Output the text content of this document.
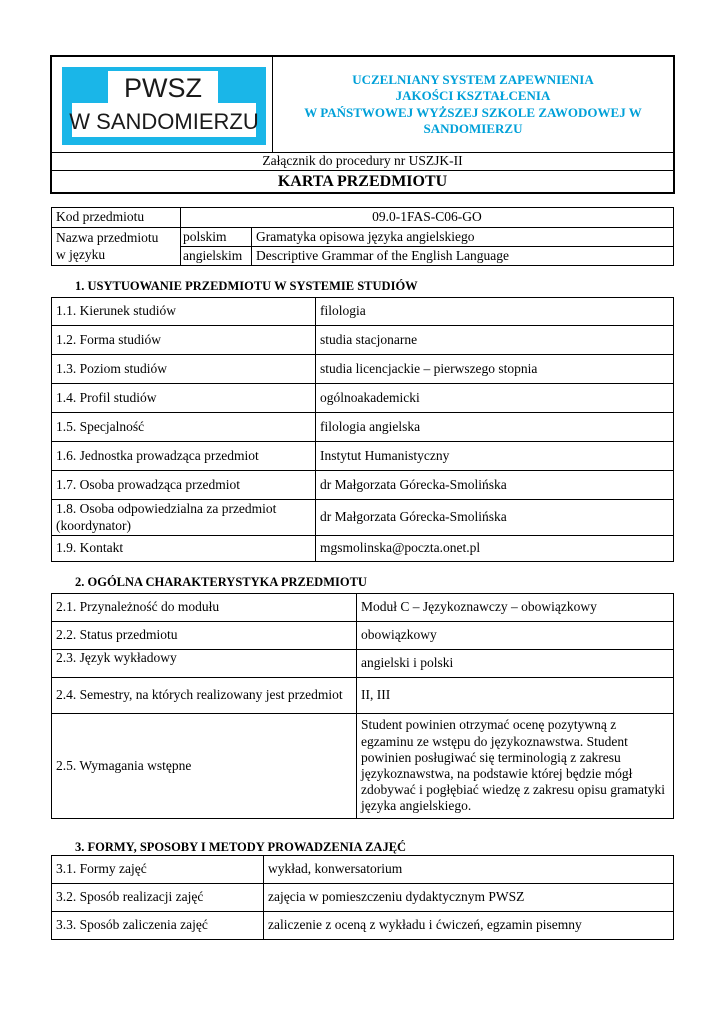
PWSZ
W SANDOMIERZU

UCZELNIANY SYSTEM ZAPEWNIENIA
JAKOŚCI KSZTAŁCENIA
W PAŃSTWOWEJ WYŻSZEJ SZKOLE ZAWODOWEJ W
SANDOMIERZU

Załącznik do procedury nr USZJK-II
KARTA PRZEDMIOTU
Kod przedmiotu	09.0-1FAS-C06-GO	

Nazwa przedmiotu
w języku	polskim	Gramatyka opisowa języka angielskiego
	angielskim	Descriptive Grammar of the English Language
1. USYTUOWANIE PRZEDMIOTU W SYSTEMIE STUDIÓW
1.1. Kierunek studiów	filologia
1.2. Forma studiów	studia stacjonarne
1.3. Poziom studiów	studia licencjackie – pierwszego stopnia
1.4. Profil studiów	ogólnoakademicki
1.5. Specjalność	filologia angielska
1.6. Jednostka prowadząca przedmiot	Instytut Humanistyczny
1.7. Osoba prowadząca przedmiot	dr Małgorzata Górecka-Smolińska
1.8. Osoba odpowiedzialna za przedmiot (koordynator)	dr Małgorzata Górecka-Smolińska
1.9. Kontakt	mgsmolinska@poczta.onet.pl
2. OGÓLNA CHARAKTERYSTYKA PRZEDMIOTU
2.1. Przynależność do modułu	Moduł C – Językoznawczy – obowiązkowy
2.2. Status przedmiotu	obowiązkowy
2.3. Język wykładowy	angielski i polski
2.4. Semestry, na których realizowany jest przedmiot	II, III
2.5. Wymagania wstępne	Student powinien otrzymać ocenę pozytywną z egzaminu ze wstępu do językoznawstwa. Student powinien posługiwać się terminologią z zakresu językoznawstwa, na podstawie której będzie mógł zdobywać i pogłębiać wiedzę z zakresu opisu gramatyki języka angielskiego.
3. FORMY, SPOSOBY I METODY PROWADZENIA ZAJĘĆ
3.1. Formy zajęć	wykład, konwersatorium
3.2. Sposób realizacji zajęć	zajęcia w pomieszczeniu dydaktycznym PWSZ
3.3. Sposób zaliczenia zajęć	zaliczenie z oceną z wykładu i ćwiczeń, egzamin pisemny
